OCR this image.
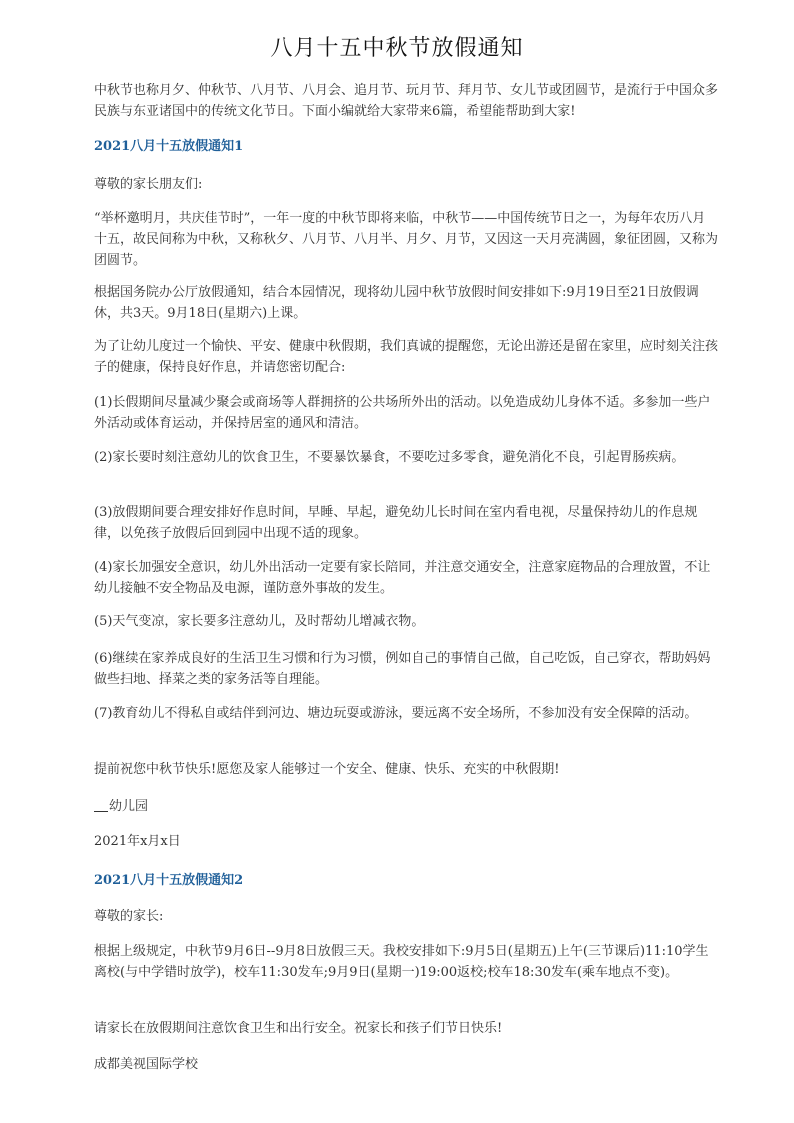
八月十五中秋节放假通知

中秋节也称月夕、仲秋节、八月节、八月会、追月节、玩月节、拜月节、女儿节或团圆节，是流行于中国众多民族与东亚诸国中的传统文化节日。下面小编就给大家带来6篇，希望能帮助到大家!

2021八月十五放假通知1

尊敬的家长朋友们:

“举杯邀明月，共庆佳节时”，一年一度的中秋节即将来临，中秋节——中国传统节日之一，为每年农历八月十五，故民间称为中秋，又称秋夕、八月节、八月半、月夕、月节，又因这一天月亮满圆，象征团圆，又称为团圆节。

根据国务院办公厅放假通知，结合本园情况，现将幼儿园中秋节放假时间安排如下:9月19日至21日放假调休，共3天。9月18日(星期六)上课。

为了让幼儿度过一个愉快、平安、健康中秋假期，我们真诚的提醒您，无论出游还是留在家里，应时刻关注孩子的健康，保持良好作息，并请您密切配合:

(1)长假期间尽量减少聚会或商场等人群拥挤的公共场所外出的活动。以免造成幼儿身体不适。多参加一些户外活动或体育运动，并保持居室的通风和清洁。

(2)家长要时刻注意幼儿的饮食卫生，不要暴饮暴食，不要吃过多零食，避免消化不良，引起胃肠疾病。

(3)放假期间要合理安排好作息时间，早睡、早起，避免幼儿长时间在室内看电视，尽量保持幼儿的作息规律，以免孩子放假后回到园中出现不适的现象。

(4)家长加强安全意识，幼儿外出活动一定要有家长陪同，并注意交通安全，注意家庭物品的合理放置，不让幼儿接触不安全物品及电源，谨防意外事故的发生。

(5)天气变凉，家长要多注意幼儿，及时帮幼儿增减衣物。

(6)继续在家养成良好的生活卫生习惯和行为习惯，例如自己的事情自己做，自己吃饭，自己穿衣，帮助妈妈做些扫地、择菜之类的家务活等自理能。

(7)教育幼儿不得私自或结伴到河边、塘边玩耍或游泳，要远离不安全场所，不参加没有安全保障的活动。

提前祝您中秋节快乐!愿您及家人能够过一个安全、健康、快乐、充实的中秋假期!

幼儿园

2021年x月x日

2021八月十五放假通知2

尊敬的家长:

根据上级规定，中秋节9月6日--9月8日放假三天。我校安排如下:9月5日(星期五)上午(三节课后)11:10学生离校(与中学错时放学)，校车11:30发车;9月9日(星期一)19:00返校;校车18:30发车(乘车地点不变)。

请家长在放假期间注意饮食卫生和出行安全。祝家长和孩子们节日快乐!

成都美视国际学校
